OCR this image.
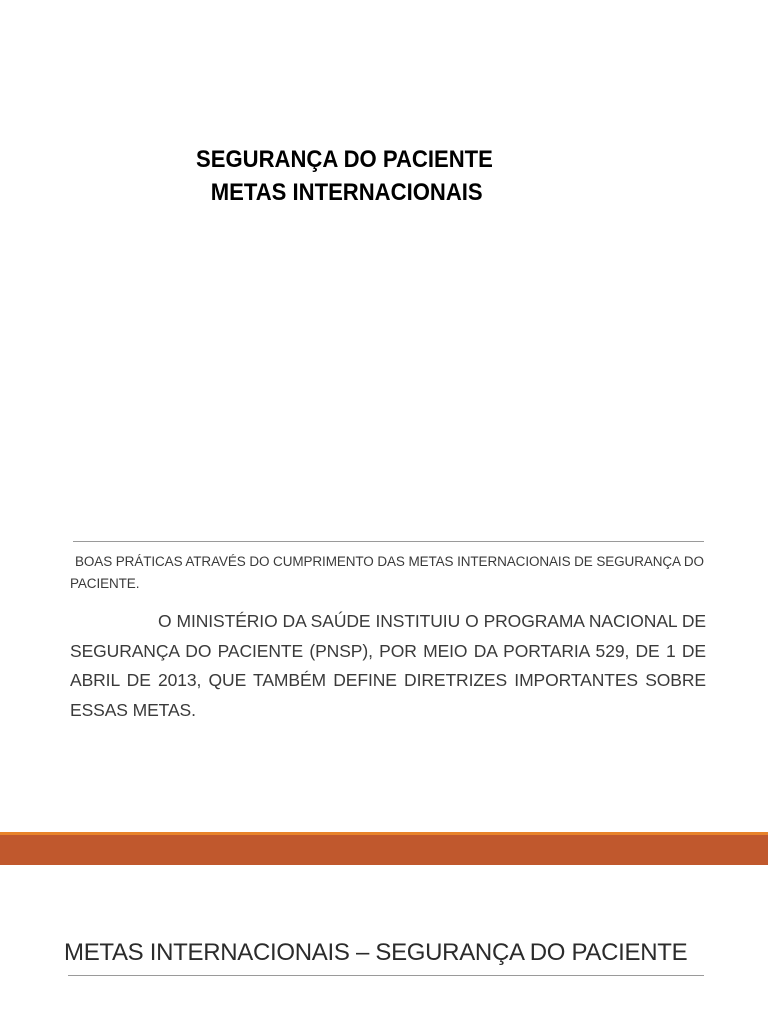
SEGURANÇA DO PACIENTE
METAS INTERNACIONAIS
BOAS PRÁTICAS ATRAVÉS DO CUMPRIMENTO DAS METAS INTERNACIONAIS DE SEGURANÇA DO
PACIENTE.
O MINISTÉRIO DA SAÚDE INSTITUIU O PROGRAMA NACIONAL DE SEGURANÇA DO PACIENTE (PNSP), POR MEIO DA PORTARIA 529, DE 1 DE ABRIL DE 2013, QUE TAMBÉM DEFINE DIRETRIZES IMPORTANTES SOBRE ESSAS METAS.
METAS INTERNACIONAIS – SEGURANÇA DO PACIENTE
